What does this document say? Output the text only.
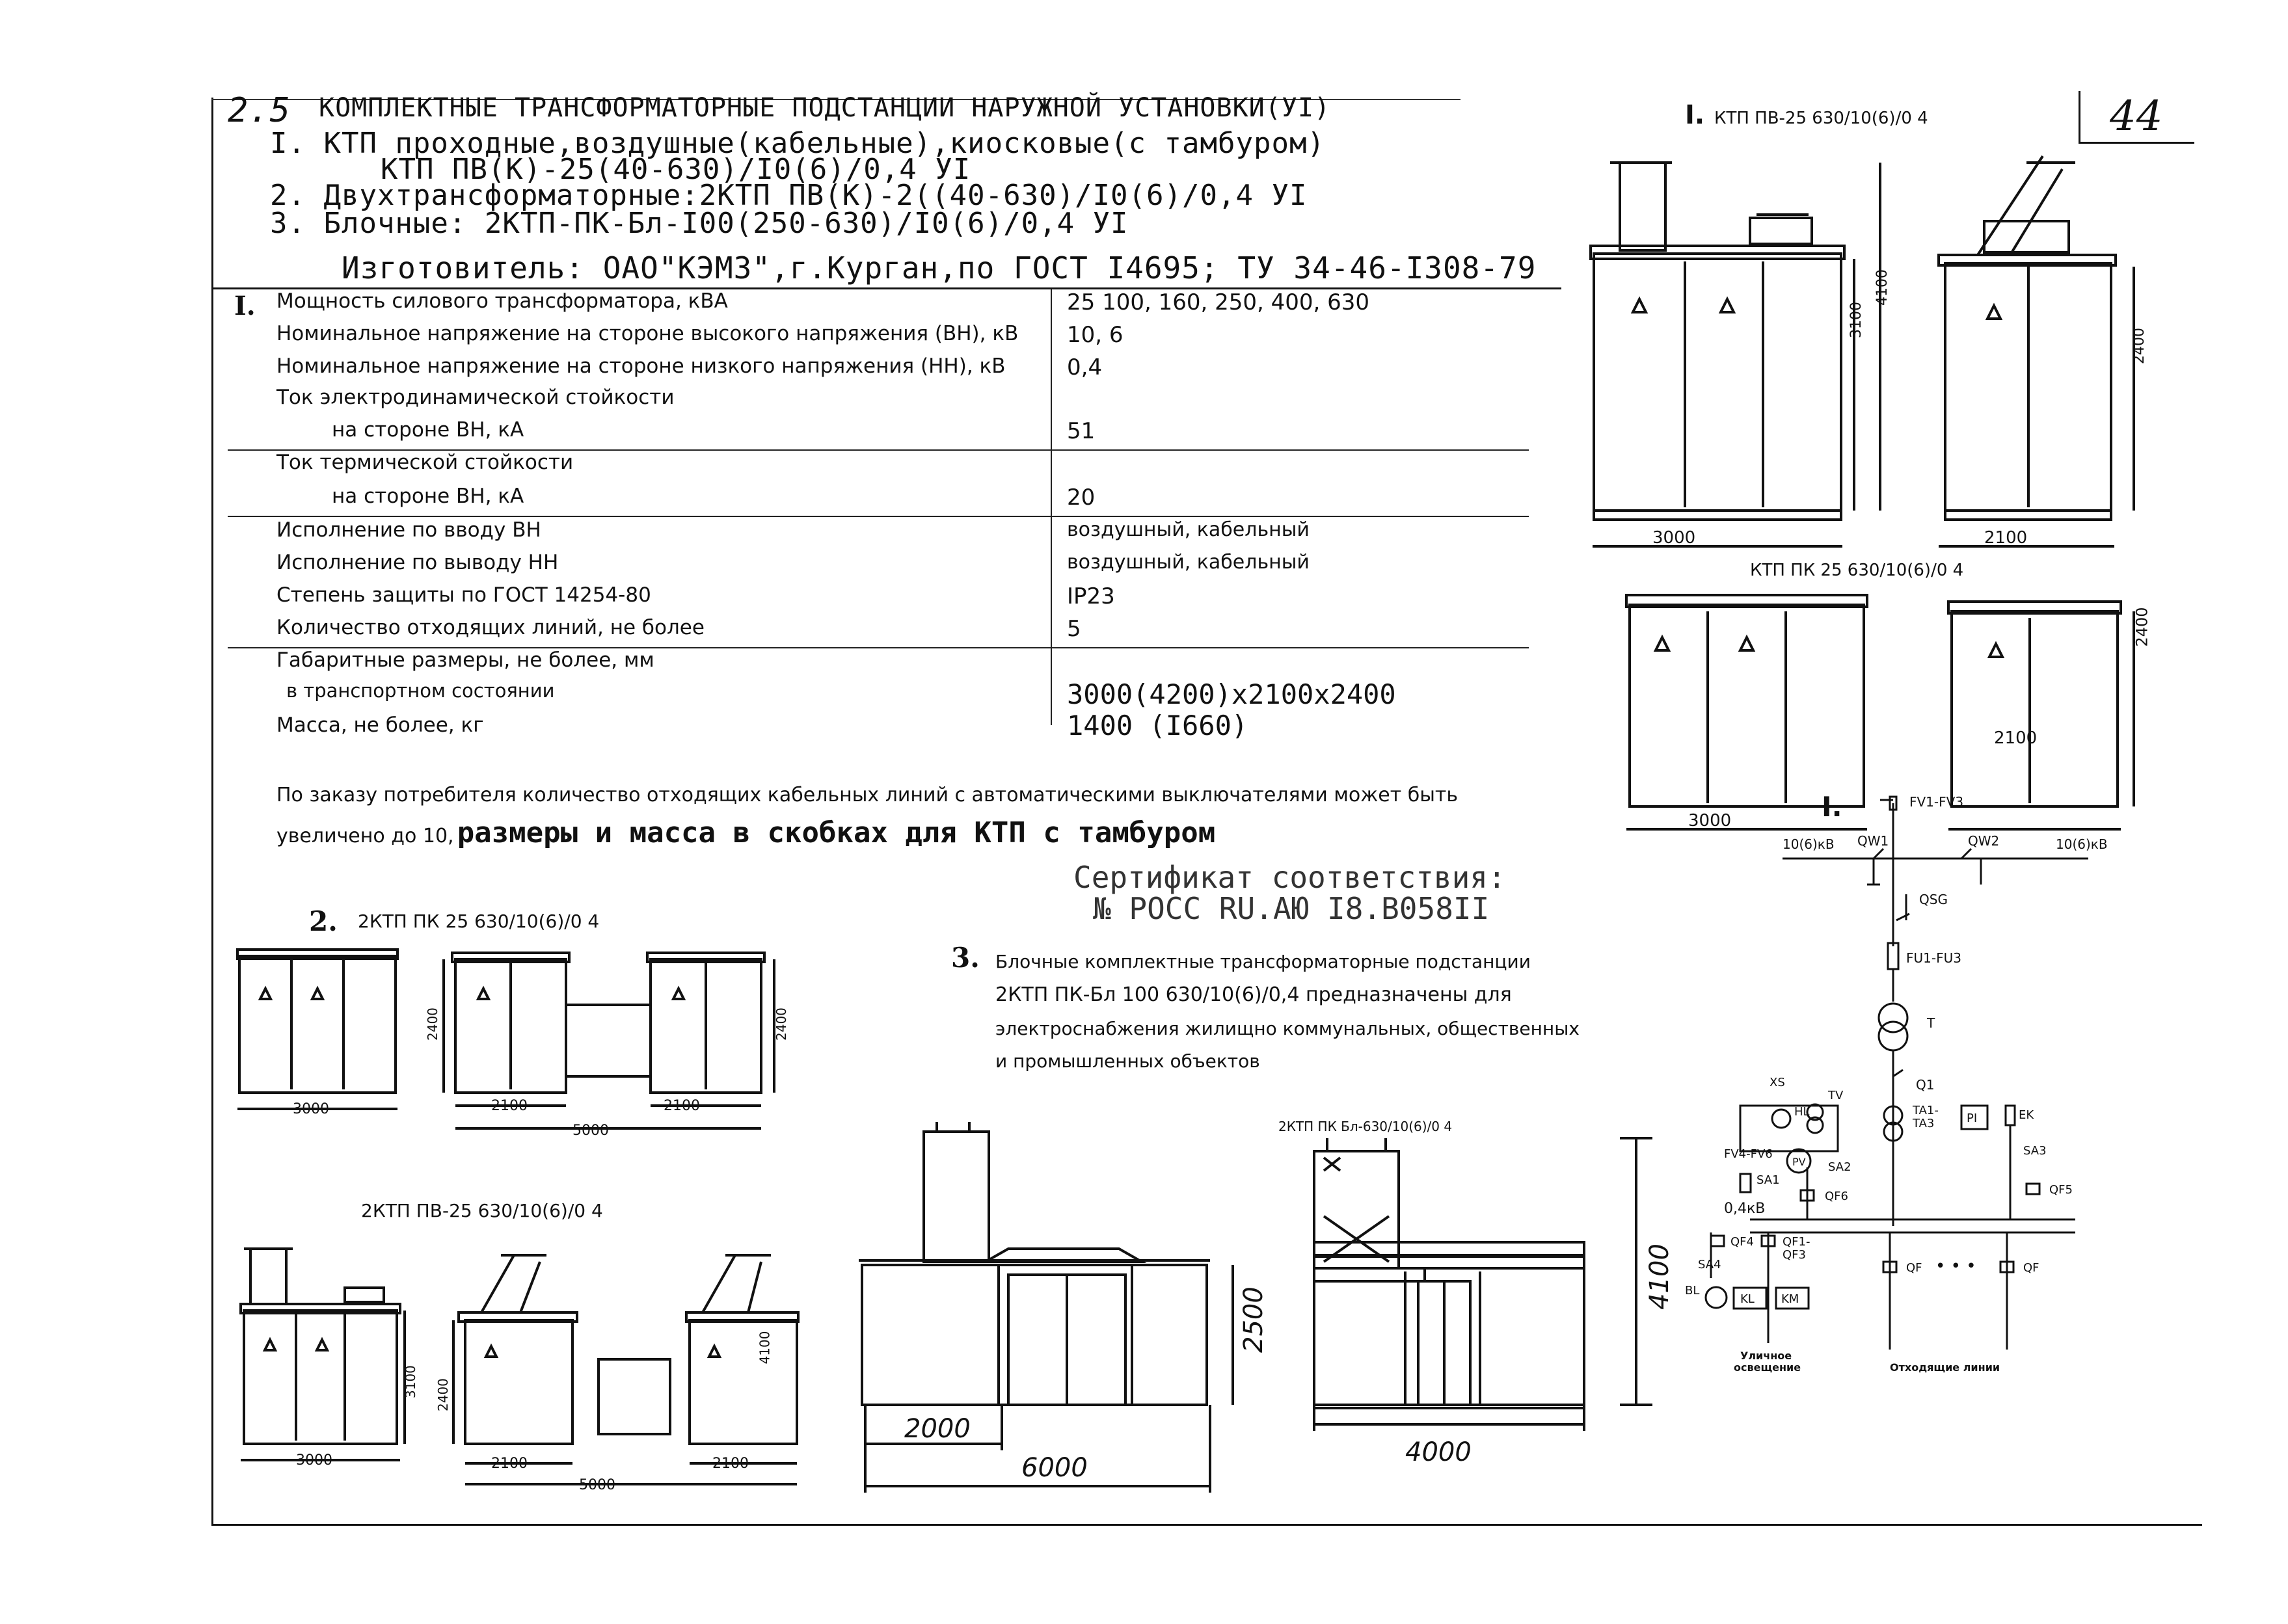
44
2.5 КОМПЛЕКТНЫЕ ТРАНСФОРМАТОРНЫЕ ПОДСТАНЦИИ НАРУЖНОЙ УСТАНОВКИ(УI)
I. КТП проходные,воздушные(кабельные),киосковые(с тамбуром)
КТП ПВ(К)-25(40-630)/I0(6)/0,4 УI
2. Двухтрансформаторные:2КТП ПВ(К)-2((40-630)/I0(6)/0,4 УI
3. Блочные: 2КТП-ПК-Бл-I00(250-630)/I0(6)/0,4 УI
Изготовитель: ОАО"КЭМЗ",г.Курган,по ГОСТ I4695; ТУ 34-46-I308-79
I. Мощность силового трансформатора, кВА	25 100, 160, 250, 400, 630
Номинальное напряжение на стороне высокого напряжения (ВН), кВ 10, 6
Номинальное напряжение на стороне низкого напряжения (НН), кВ	0,4
Ток электродинамической стойкости
на стороне ВН, кА	51
Ток термической стойкости
на стороне ВН, кА	20
Исполнение по вводу ВН	воздушный, кабельный
Исполнение по выводу НН	воздушный, кабельный
Степень защиты по ГОСТ 14254-80	IP23
Количество отходящих линий, не более	5
Габаритные размеры, не более, мм
в транспортном состоянии	3000(4200)x2100x2400
Масса, не более, кг	1400 (I660)
По заказу потребителя количество отходящих кабельных линий с автоматическими выключателями может быть
увеличено до 10, размеры и масса в скобках для КТП с тамбуром
Сертификат соответствия:
№ РОСС RU.АЮ I8.В058II
I. КТП ПВ-25 630/10(6)/0 4
3000
3100
4100
2100
2400
КТП ПК 25 630/10(6)/0 4
3000
2100
2400
2. 2КТП ПК 25 630/10(6)/0 4
2КТП ПВ-25 630/10(6)/0 4
3000	2100	2100
5000
2400	2400
3000
3100
2100	2100
5000
2400
4100
3. Блочные комплектные трансформаторные подстанции
2КТП ПК-Бл 100 630/10(6)/0,4 предназначены для
электроснабжения жилищно коммунальных, общественных
и промышленных объектов
2КТП ПК Бл-630/10(6)/0 4
2000
6000
2500
4000
4100
I.	FV1-FV3
10(6)кВ	10(6)кВ
QW1	QW2
QSG
FU1-FU3
T
Q1
TA1-
TA3	PI	EK
SA3
QF5
XS
HL
TV
FV4-FV6
PV SA2
SA1
0,4кВ
QF6
QF4 QF1-
QF3
SA4
BL
KL KM
Уличное
освещение
QF • • •	QF
Отходящие линии
